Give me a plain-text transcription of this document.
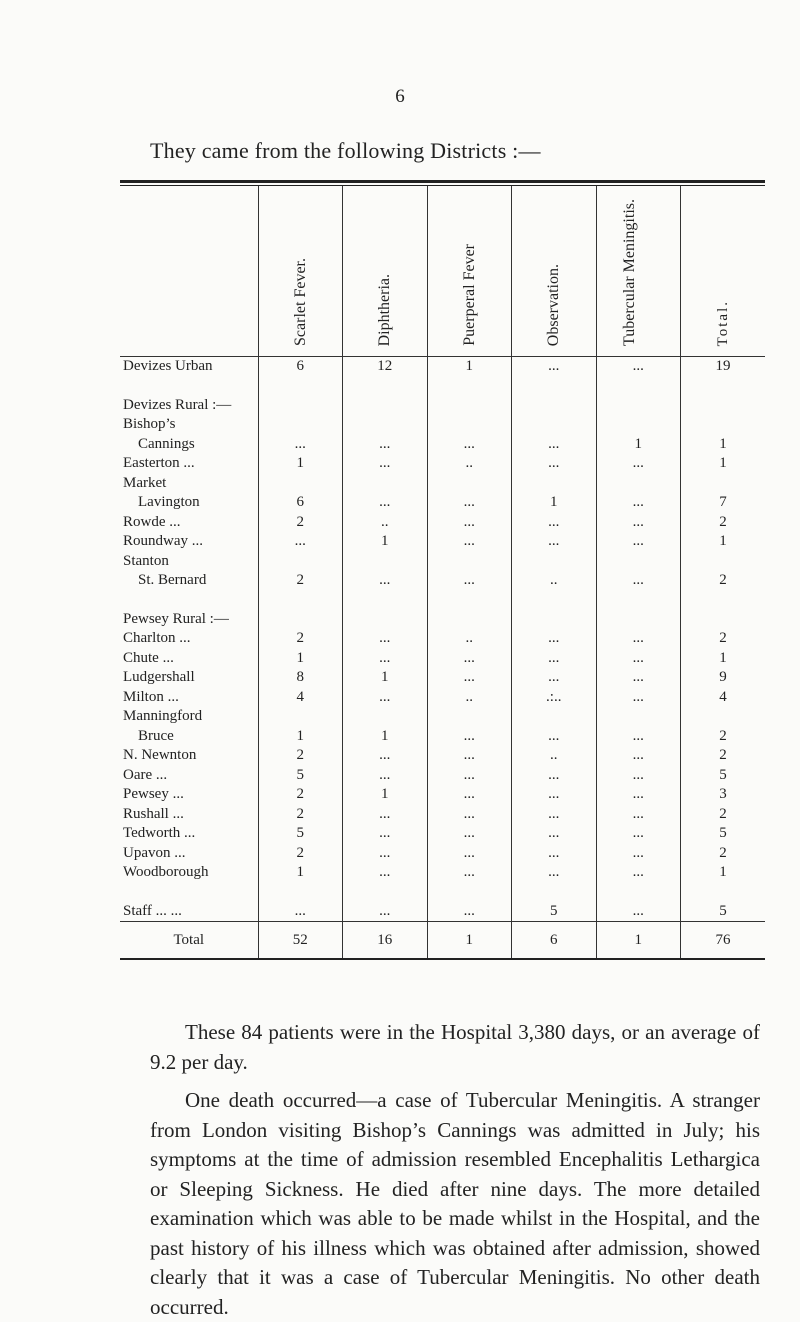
6
They came from the following Districts :—

	Scarlet Fever.	Diphtheria.	Puerperal Fever	Observation.	Tubercular Meningitis.	Total.

Devizes Urban	6	12	1	...	...	19

Devizes Rural :—						
Bishop’s						
Cannings	...	...	...	...	1	1
Easterton ...	1	...	..	...	...	1
Market						
Lavington	6	...	...	1	...	7
Rowde ...	2	..	...	...	...	2
Roundway ...	...	1	...	...	...	1
Stanton						
St. Bernard	2	...	...	..	...	2

Pewsey Rural :—						
Charlton ...	2	...	..	...	...	2
Chute ...	1	...	...	...	...	1
Ludgershall	8	1	...	...	...	9
Milton ...	4	...	..	.:..	...	4
Manningford						
Bruce	1	1	...	...	...	2
N. Newnton	2	...	...	..	...	2
Oare ...	5	...	...	...	...	5
Pewsey ...	2	1	...	...	...	3
Rushall ...	2	...	...	...	...	2
Tedworth ...	5	...	...	...	...	5
Upavon ...	2	...	...	...	...	2
Woodborough	1	...	...	...	...	1

Staff ... ...	...	...	...	5	...	5
Total	52	16	1	6	1	76
These 84 patients were in the Hospital 3,380 days, or an average of 9.2 per day.
One death occurred—a case of Tubercular Meningitis. A stranger from London visiting Bishop’s Cannings was admitted in July; his symptoms at the time of admission resembled Encephalitis Lethargica or Sleeping Sickness. He died after nine days. The more detailed examination which was able to be made whilst in the Hospital, and the past history of his illness which was obtained after admission, showed clearly that it was a case of Tubercular Meningitis. No other death occurred.
